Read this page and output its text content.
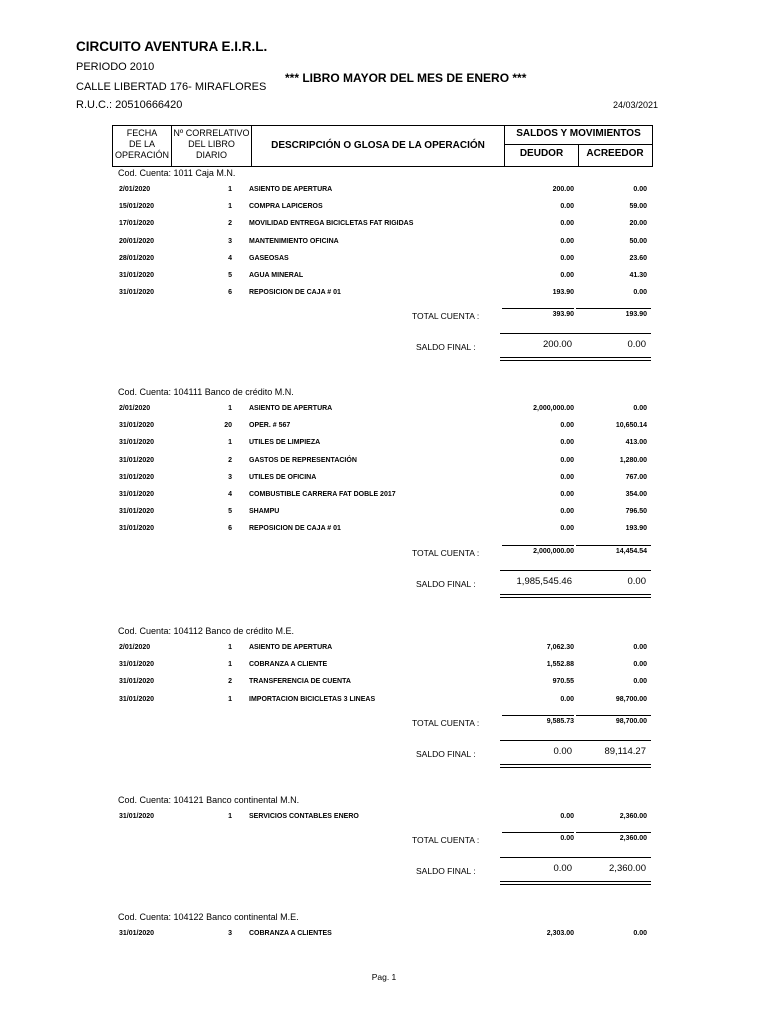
CIRCUITO AVENTURA E.I.R.L.
PERIODO 2010
CALLE LIBERTAD 176- MIRAFLORES
R.U.C.: 20510666420
*** LIBRO MAYOR DEL MES DE ENERO ***
24/03/2021
FECHA
DE LA
OPERACIÓN
Nº CORRELATIVO
DEL LIBRO
DIARIO
DESCRIPCIÓN O GLOSA DE LA OPERACIÓN
SALDOS Y MOVIMIENTOS
DEUDOR	ACREEDOR
Cod. Cuenta: 1011 Caja M.N.
2/01/2020	1 ASIENTO DE APERTURA	200.00	0.00
15/01/2020	1 COMPRA LAPICEROS	0.00	59.00
17/01/2020	2 MOVILIDAD ENTREGA BICICLETAS FAT RIGIDAS	0.00	20.00
20/01/2020	3 MANTENIMIENTO OFICINA	0.00	50.00
28/01/2020	4 GASEOSAS	0.00	23.60
31/01/2020	5 AGUA MINERAL	0.00	41.30
31/01/2020	6 REPOSICION DE CAJA # 01	193.90	0.00
TOTAL CUENTA :	393.90	193.90
SALDO FINAL :	200.00	0.00
Cod. Cuenta: 104111 Banco de crédito M.N.
2/01/2020	1 ASIENTO DE APERTURA	2,000,000.00	0.00
31/01/2020	20 OPER. # 567	0.00	10,650.14
31/01/2020	1 UTILES DE LIMPIEZA	0.00	413.00
31/01/2020	2 GASTOS DE REPRESENTACIÓN	0.00	1,280.00
31/01/2020	3 UTILES DE OFICINA	0.00	767.00
31/01/2020	4 COMBUSTIBLE CARRERA FAT DOBLE 2017	0.00	354.00
31/01/2020	5 SHAMPU	0.00	796.50
31/01/2020	6 REPOSICION DE CAJA # 01	0.00	193.90
TOTAL CUENTA :	2,000,000.00	14,454.54
SALDO FINAL :	1,985,545.46	0.00
Cod. Cuenta: 104112 Banco de crédito M.E.
2/01/2020	1 ASIENTO DE APERTURA	7,062.30	0.00
31/01/2020	1 COBRANZA A CLIENTE	1,552.88	0.00
31/01/2020	2 TRANSFERENCIA DE CUENTA	970.55	0.00
31/01/2020	1 IMPORTACION BICICLETAS 3 LINEAS	0.00	98,700.00
TOTAL CUENTA :	9,585.73	98,700.00
SALDO FINAL :	0.00	89,114.27
Cod. Cuenta: 104121 Banco continental M.N.
31/01/2020	1 SERVICIOS CONTABLES ENERO	0.00	2,360.00
TOTAL CUENTA :	0.00	2,360.00
SALDO FINAL :	0.00	2,360.00
Cod. Cuenta: 104122 Banco continental M.E.
31/01/2020	3 COBRANZA A CLIENTES	2,303.00	0.00
Pag. 1
